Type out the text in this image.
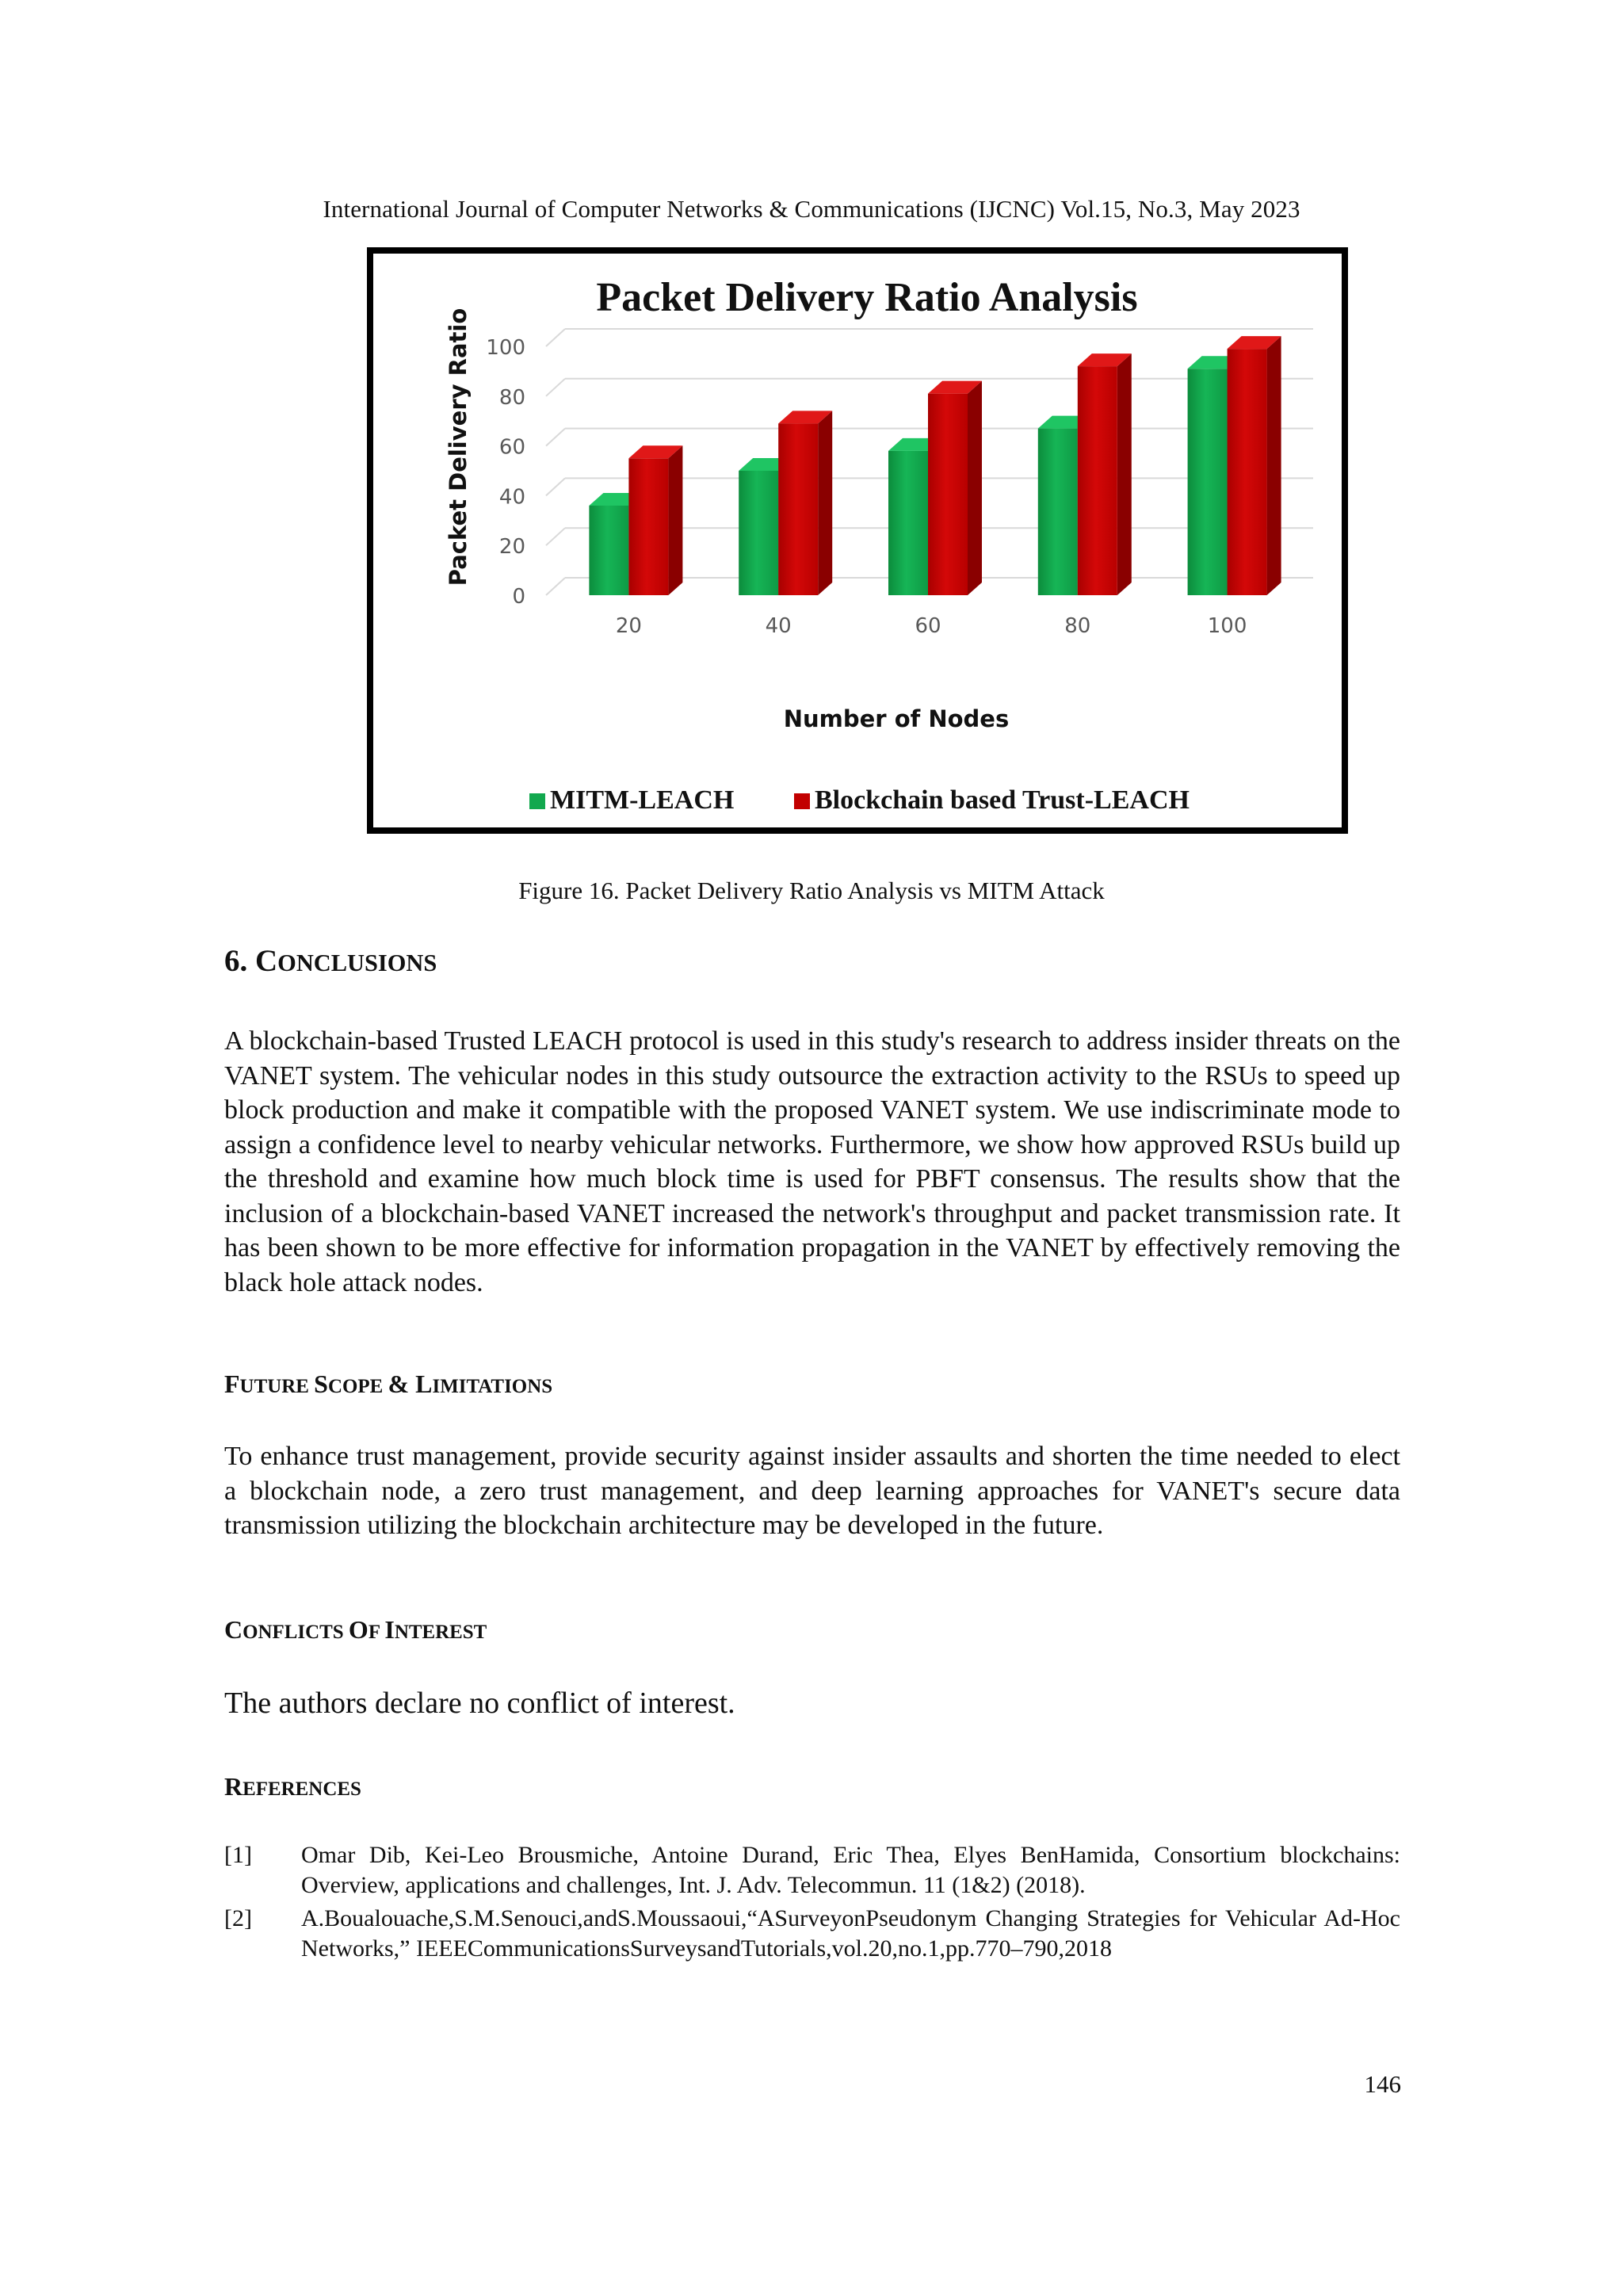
International Journal of Computer Networks & Communications (IJCNC) Vol.15, No.3, May 2023
Packet Delivery Ratio Analysis
0
20
40
60
80
100
20	40	60	80	100
Packet Delivery Ratio
Number of Nodes
MITM-LEACH	Blockchain based Trust-LEACH
Figure 16. Packet Delivery Ratio Analysis vs MITM Attack
6. CONCLUSIONS
A blockchain-based Trusted LEACH protocol is used in this study's research to address insider threats on the VANET system. The vehicular nodes in this study outsource the extraction activity to the RSUs to speed up block production and make it compatible with the proposed VANET system. We use indiscriminate mode to assign a confidence level to nearby vehicular networks. Furthermore, we show how approved RSUs build up the threshold and examine how much block time is used for PBFT consensus. The results show that the inclusion of a blockchain-based VANET increased the network's throughput and packet transmission rate. It has been shown to be more effective for information propagation in the VANET by effectively removing the black hole attack nodes.
FUTURE SCOPE & LIMITATIONS
To enhance trust management, provide security against insider assaults and shorten the time needed to elect a blockchain node, a zero trust management, and deep learning approaches for VANET's secure data transmission utilizing the blockchain architecture may be developed in the future.
CONFLICTS OF INTEREST
The authors declare no conflict of interest.
REFERENCES
[1] Omar Dib, Kei-Leo Brousmiche, Antoine Durand, Eric Thea, Elyes BenHamida, Consortium blockchains: Overview, applications and challenges, Int. J. Adv. Telecommun. 11 (1&2) (2018).
[2] A.Boualouache,S.M.Senouci,andS.Moussaoui,“ASurveyonPseudonym Changing Strategies for Vehicular Ad-Hoc Networks,” IEEECommunicationsSurveysandTutorials,vol.20,no.1,pp.770–790,2018
146
